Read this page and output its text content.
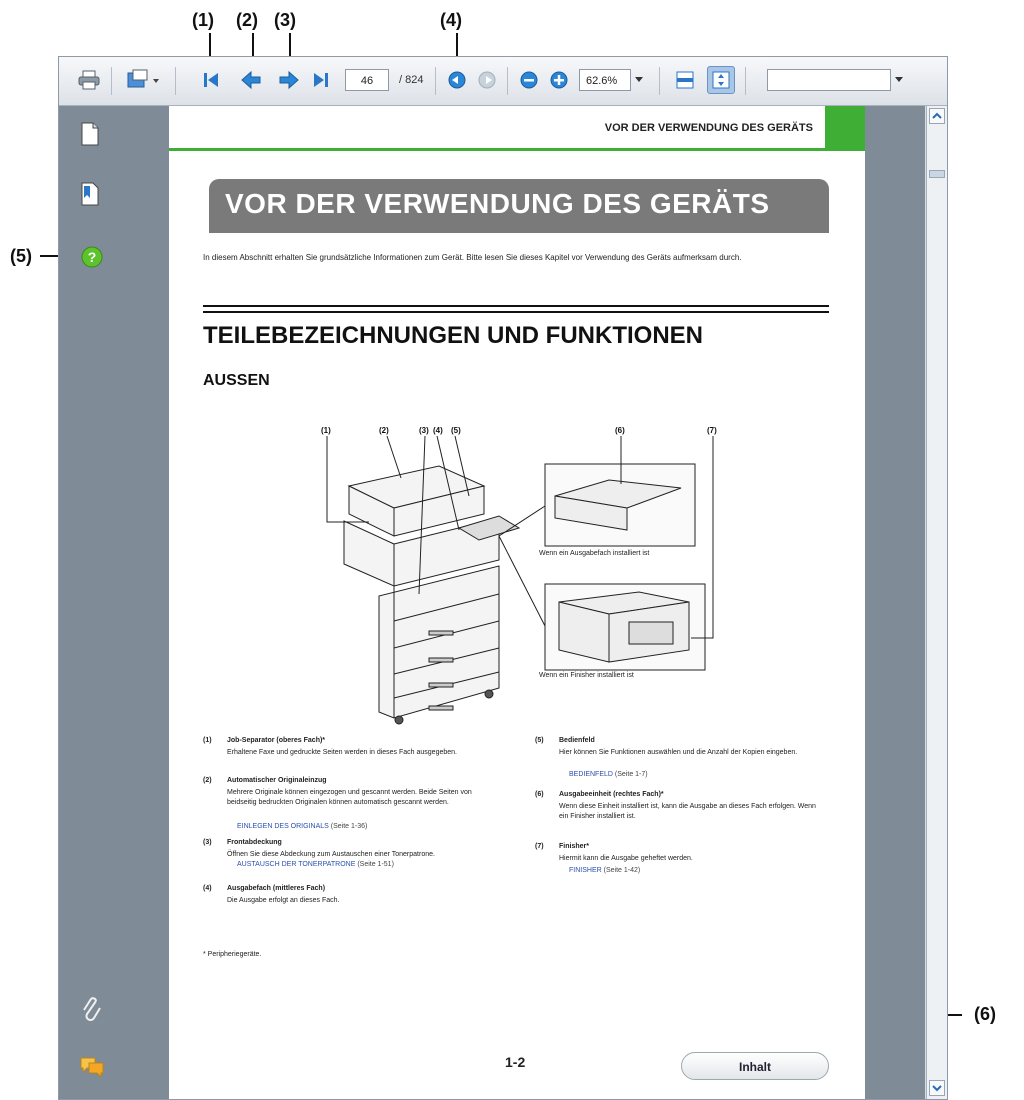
(1) (2) (3)	(4)
(5)
(6)
46	/ 824	62.6%
?
VOR DER VERWENDUNG DES GERÄTS
VOR DER VERWENDUNG DES GERÄTS
In diesem Abschnitt erhalten Sie grundsätzliche Informationen zum Gerät. Bitte lesen Sie dieses Kapitel vor Verwendung des Geräts aufmerksam durch.
TEILEBEZEICHNUNGEN UND FUNKTIONEN
AUSSEN
(1)	(2)	(3) (4) (5)	(6)	(7)
Wenn ein Ausgabefach installiert ist
Wenn ein Finisher installiert ist
(1) Job-Separator (oberes Fach)*
Erhaltene Faxe und gedruckte Seiten werden in dieses Fach ausgegeben.
(2) Automatischer Originaleinzug
Mehrere Originale können eingezogen und gescannt werden. Beide Seiten von beidseitig bedruckten Originalen können automatisch gescannt werden.
EINLEGEN DES ORIGINALS (Seite 1-36)
(3) Frontabdeckung
Öffnen Sie diese Abdeckung zum Austauschen einer Tonerpatrone.
AUSTAUSCH DER TONERPATRONE (Seite 1-51)
(4) Ausgabefach (mittleres Fach)
Die Ausgabe erfolgt an dieses Fach.
(5) Bedienfeld
Hier können Sie Funktionen auswählen und die Anzahl der Kopien eingeben.
BEDIENFELD (Seite 1-7)
(6) Ausgabeeinheit (rechtes Fach)*
Wenn diese Einheit installiert ist, kann die Ausgabe an dieses Fach erfolgen. Wenn ein Finisher installiert ist.
(7) Finisher*
Hiermit kann die Ausgabe geheftet werden.
FINISHER (Seite 1-42)
* Peripheriegeräte.
1-2	Inhalt
